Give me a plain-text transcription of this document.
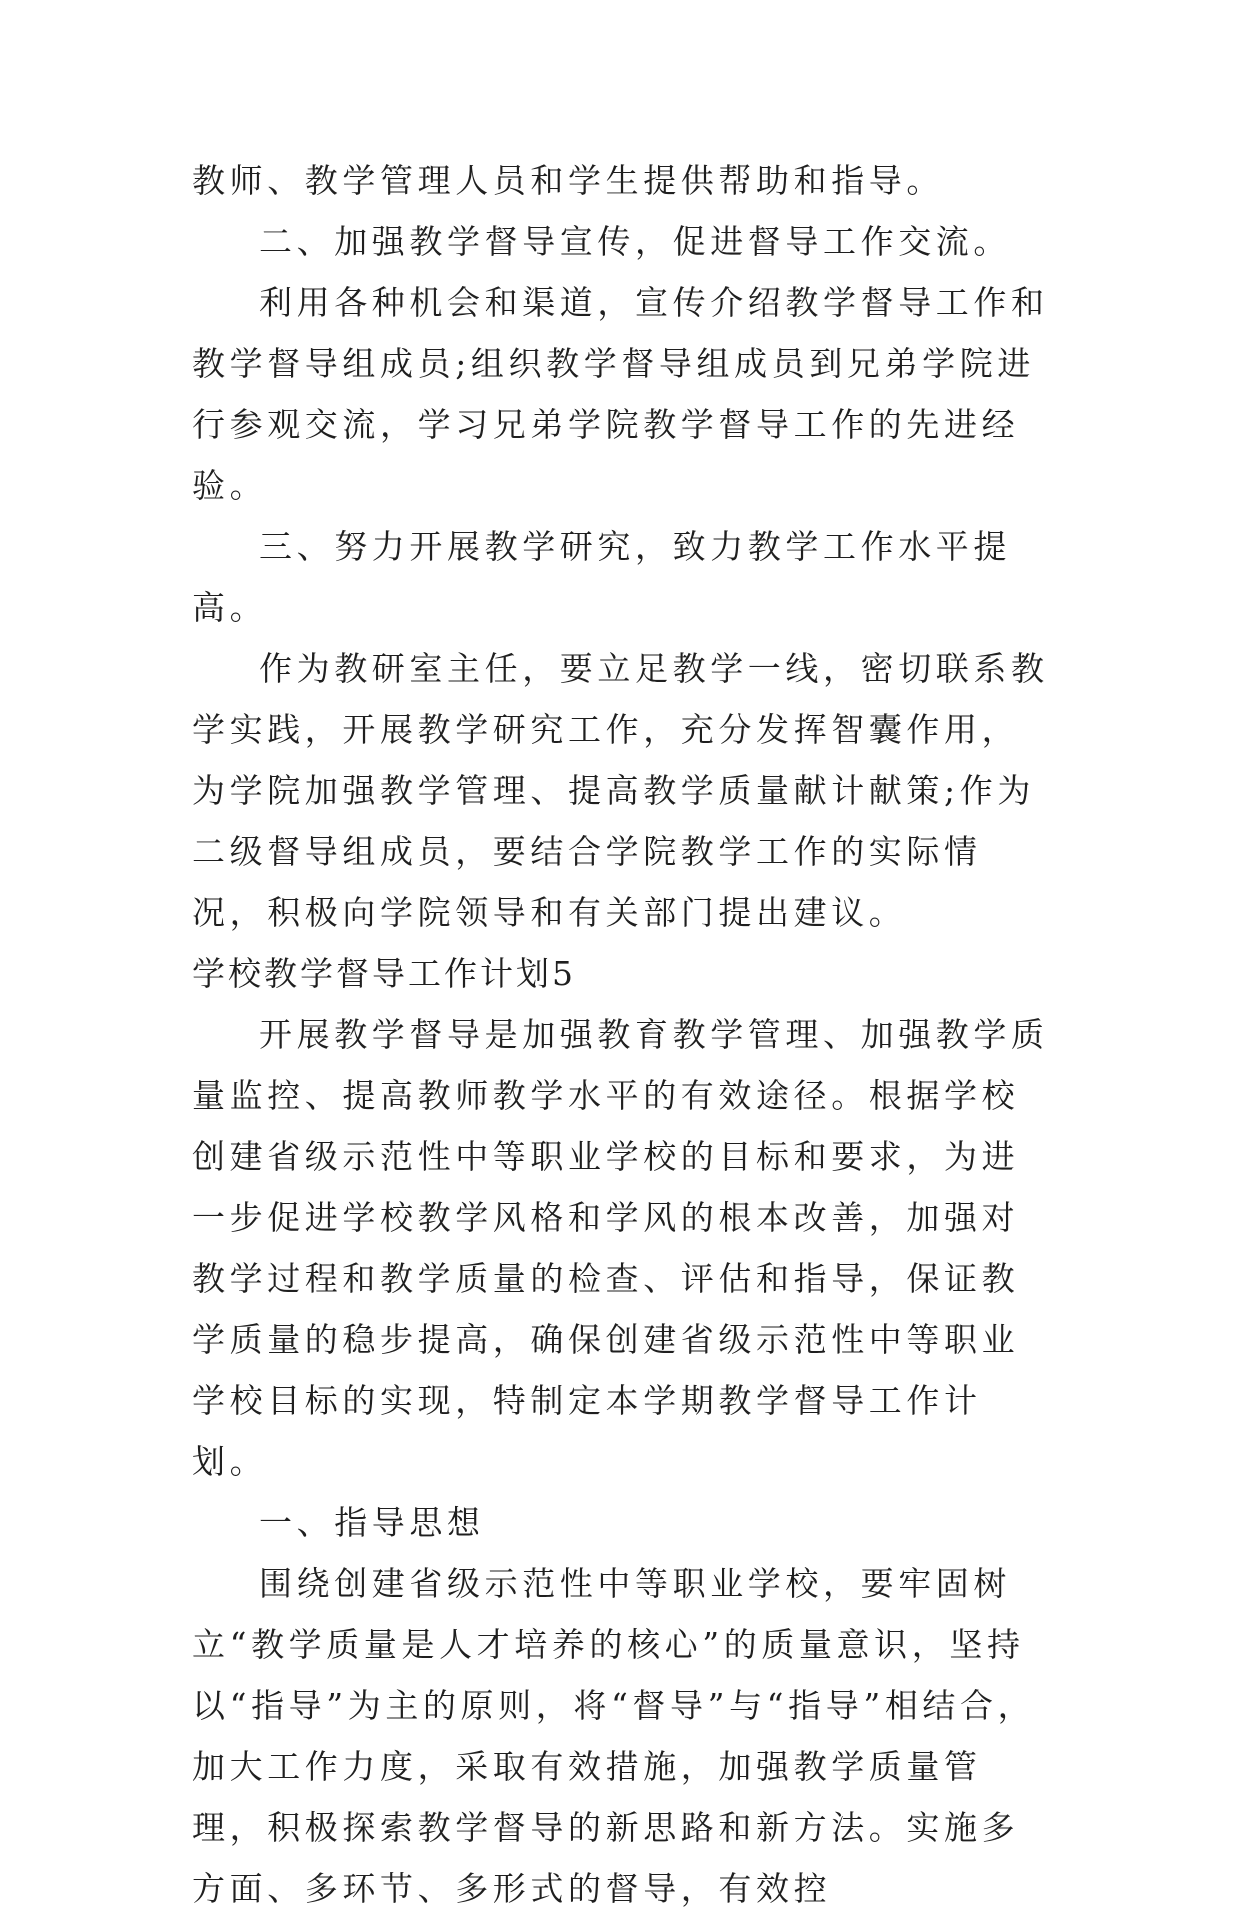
教师、教学管理人员和学生提供帮助和指导。

二、加强教学督导宣传，促进督导工作交流。

利用各种机会和渠道，宣传介绍教学督导工作和教学督导组成员;组织教学督导组成员到兄弟学院进行参观交流，学习兄弟学院教学督导工作的先进经验。

三、努力开展教学研究，致力教学工作水平提高。

作为教研室主任，要立足教学一线，密切联系教学实践，开展教学研究工作，充分发挥智囊作用，为学院加强教学管理、提高教学质量献计献策;作为二级督导组成员，要结合学院教学工作的实际情况，积极向学院领导和有关部门提出建议。

学校教学督导工作计划5

开展教学督导是加强教育教学管理、加强教学质量监控、提高教师教学水平的有效途径。根据学校创建省级示范性中等职业学校的目标和要求，为进一步促进学校教学风格和学风的根本改善，加强对教学过程和教学质量的检查、评估和指导，保证教学质量的稳步提高，确保创建省级示范性中等职业学校目标的实现，特制定本学期教学督导工作计划。

一、指导思想

围绕创建省级示范性中等职业学校，要牢固树立“教学质量是人才培养的核心”的质量意识，坚持以“指导”为主的原则，将“督导”与“指导”相结合，加大工作力度，采取有效措施，加强教学质量管理，积极探索教学督导的新思路和新方法。实施多方面、多环节、多形式的督导，有效控
